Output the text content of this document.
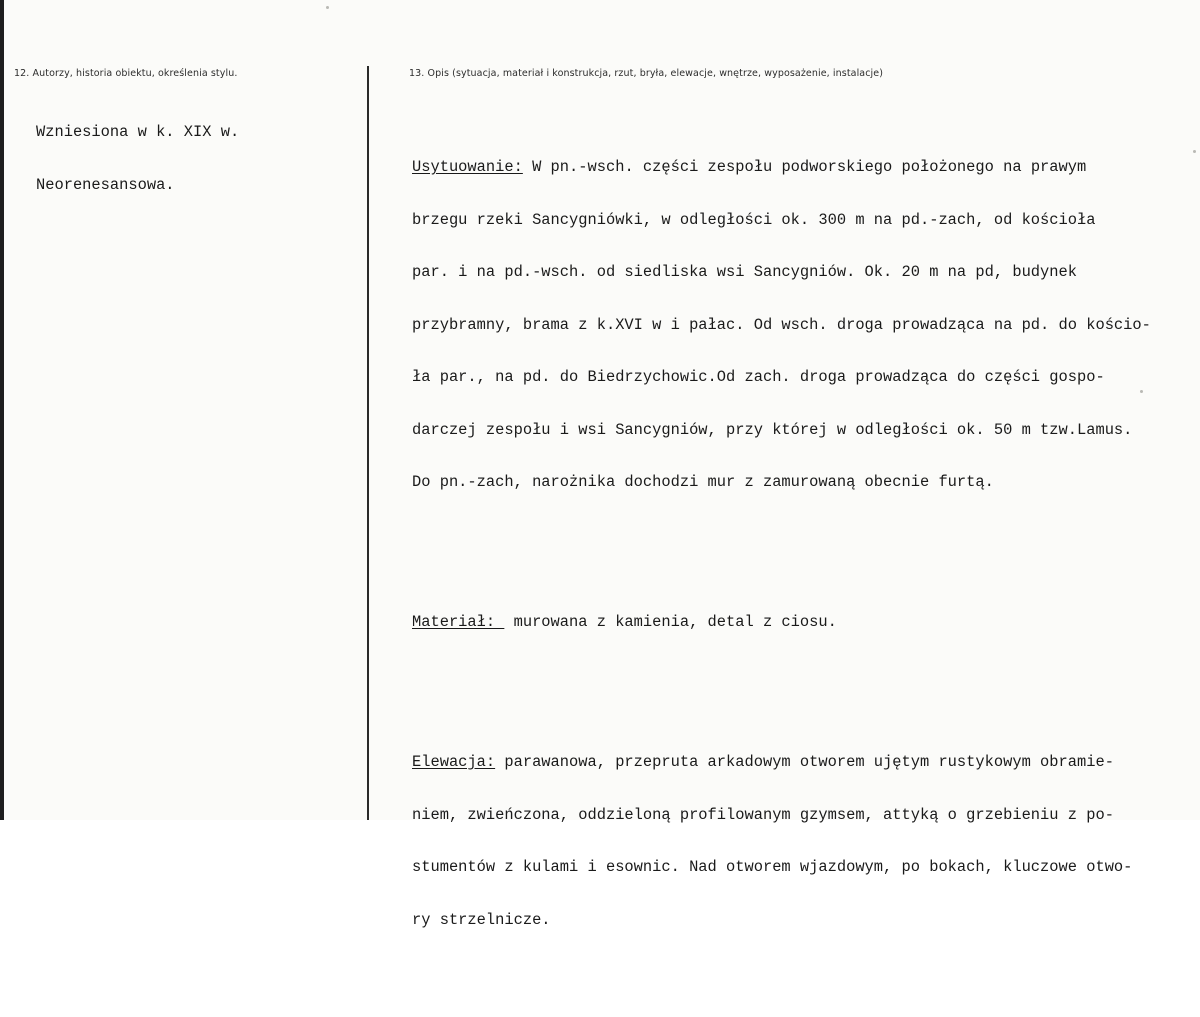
12. Autorzy, historia obiektu, określenia stylu.

Wzniesiona w k. XIX w.

Neorenesansowa.

13. Opis (sytuacja, materiał i konstrukcja, rzut, bryła, elewacje, wnętrze, wyposażenie, instalacje)

Usytuowanie: W pn.-wsch. części zespołu podworskiego położonego na prawym

brzegu rzeki Sancygniówki, w odległości ok. 300 m na pd.-zach, od kościoła

par. i na pd.-wsch. od siedliska wsi Sancygniów. Ok. 20 m na pd, budynek

przybramny, brama z k.XVI w i pałac. Od wsch. droga prowadząca na pd. do kościo-

ła par., na pd. do Biedrzychowic.Od zach. droga prowadząca do części gospo-

darczej zespołu i wsi Sancygniów, przy której w odległości ok. 50 m tzw.Lamus.

Do pn.-zach, narożnika dochodzi mur z zamurowaną obecnie furtą.

Materiał:  murowana z kamienia, detal z ciosu.

Elewacja: parawanowa, przepruta arkadowym otworem ujętym rustykowym obramie-

niem, zwieńczona, oddzieloną profilowanym gzymsem, attyką o grzebieniu z po-

stumentów z kulami i esownic. Nad otworem wjazdowym, po bokach, kluczowe otwo-

ry strzelnicze.
